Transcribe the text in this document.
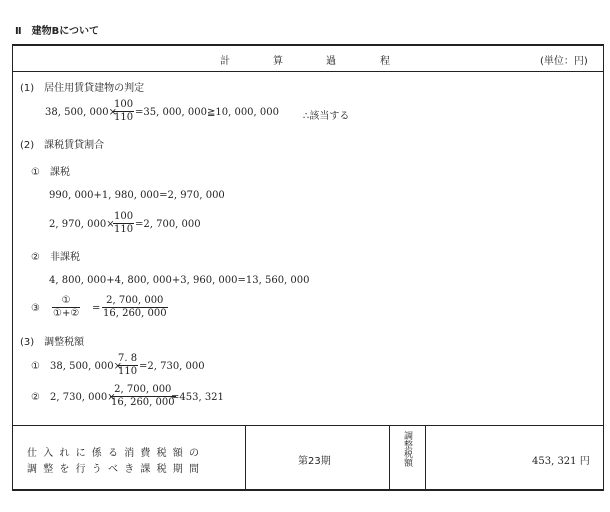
Ⅱ　建物Bについて
計	算	過	程	(単位：円)
(1)　居住用賃貸建物の判定
38, 500, 000×
$\frac{100}{110} =35$, 000, 000≧10, 000, 000 ∴該当する
(2)　課税賃貸割合
①　課税
990, 000+1, 980, 000=2, 970, 000
2, 970, 000×
$\frac{100}{110} =2$, 700, 000
②　非課税
4, 800, 000+4, 800, 000+3, 960, 000=13, 560, 000
③
①
①+② = $\frac{2, 700, 000}{16, 260, 000}$
(3)　調整税額
① 38, 500, 000×
$\frac{7. 8}{110} =2$, 730, 000
② 2, 730, 000×
$\frac{2, 700, 000}{16, 260, 000}$
=453, 321
仕入れに係る消費税額の
調整を行うべき課税期間
第23期	調整税額	453, 321 円
